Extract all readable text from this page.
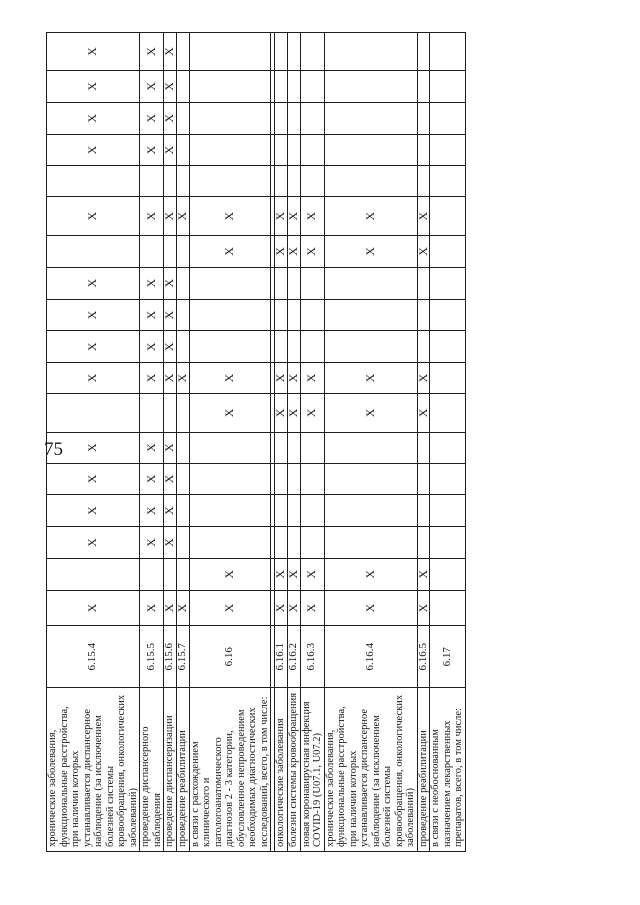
75
хронические заболевания, функциональные расстройства, при наличии которых устанавливается диспансерное наблюдение (за исключением болезней системы кровообращения, онкологических заболеваний)	6.15.4	X		X	X	X	X		X	X	X	X		X		X	X	X	X
проведение диспансерного наблюдения	6.15.5	X		X	X	X	X		X	X	X	X		X		X	X	X	X
проведение диспансеризации	6.15.6	X		X	X	X	X		X	X	X	X		X		X	X	X	X
проведение реабилитации	6.15.7	X							X					X					
в связи с расхождением клинического и патологоанатомического диагнозов 2 - 3 категории, обусловленное непроведением необходимых диагностических исследований, всего, в том числе:	6.16	X	X					X	X				X	X					

онкологические заболевания	6.16.1	X	X					X	X				X	X					
болезни системы кровообращения	6.16.2	X	X					X	X				X	X					
новая коронавирусная инфекция COVID-19 (U07.1, U07.2)	6.16.3	X	X					X	X				X	X					
хронические заболевания, функциональные расстройства, при наличии которых устанавливается диспансерное наблюдение (за исключением болезней системы кровообращения, онкологических заболеваний)	6.16.4	X	X					X	X				X	X					
проведение реабилитации	6.16.5	X	X					X	X				X	X					
в связи с необоснованным назначением лекарственных препаратов, всего, в том числе:	6.17																		
